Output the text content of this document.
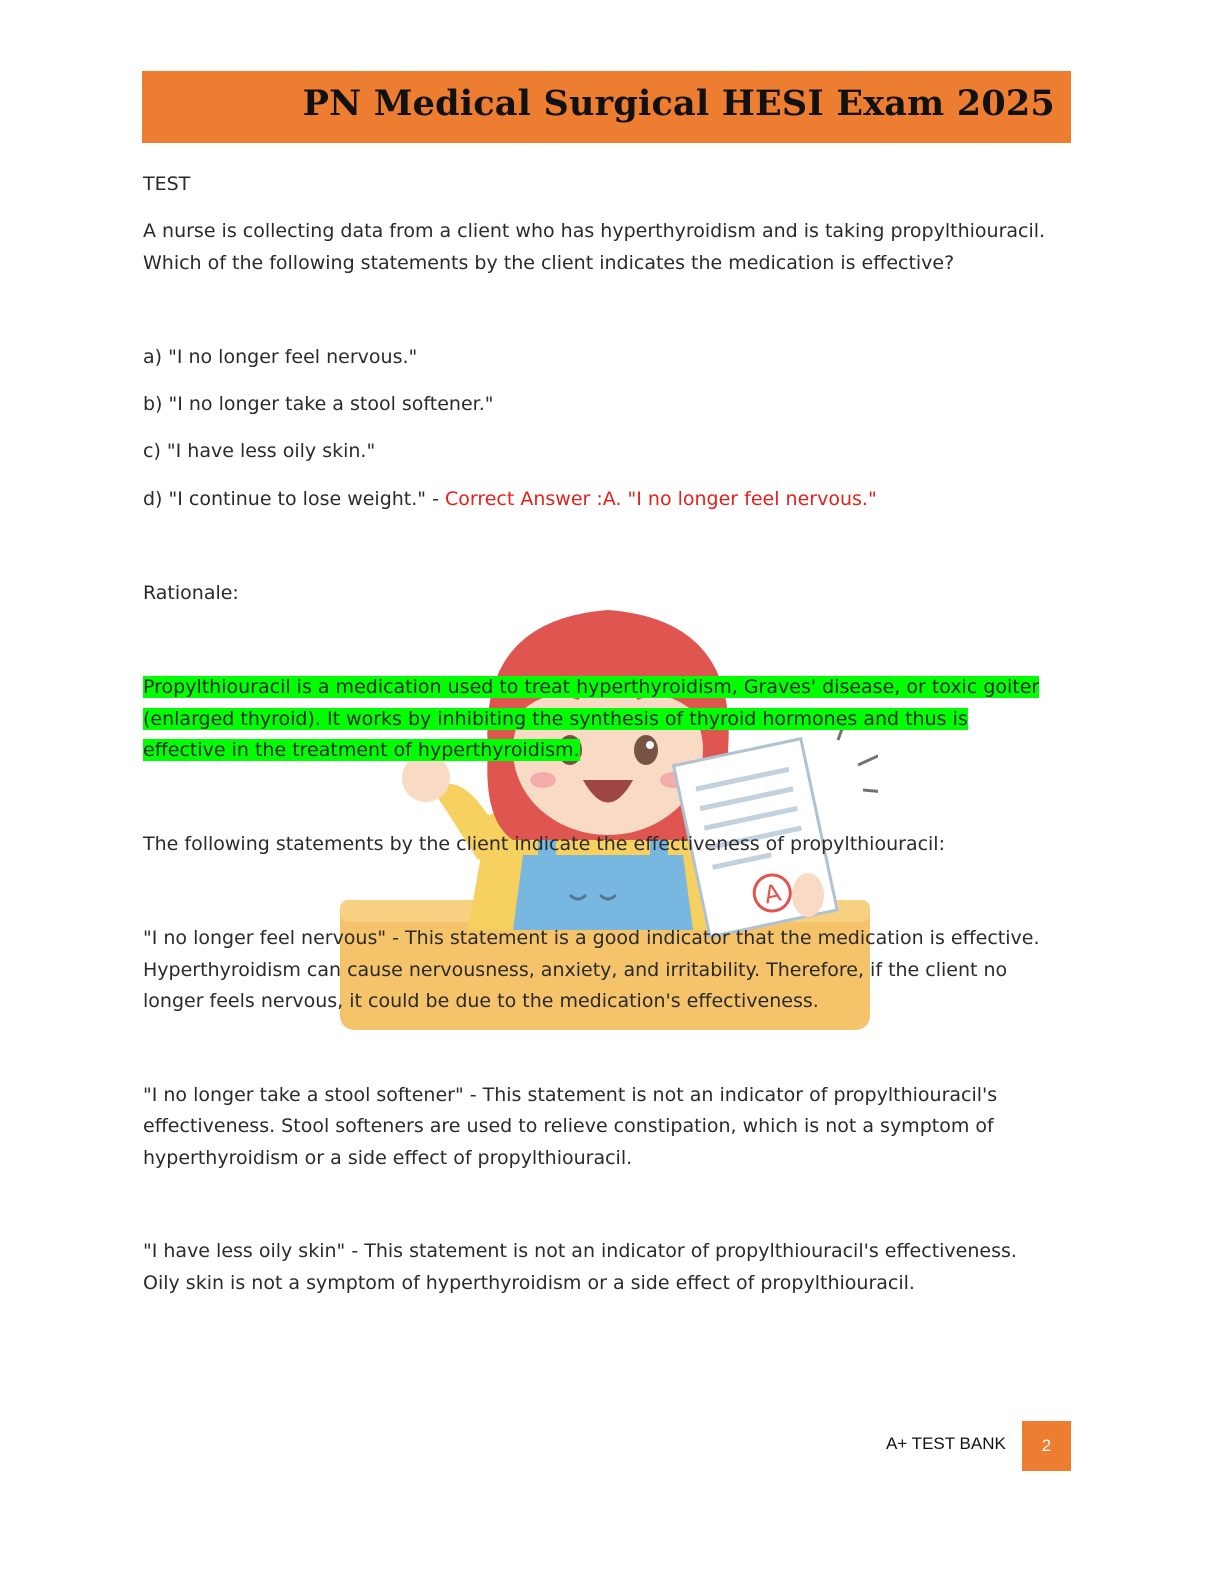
A
PN Medical Surgical HESI Exam 2025
TEST
A nurse is collecting data from a client who has hyperthyroidism and is taking propylthiouracil.
Which of the following statements by the client indicates the medication is effective?
a) "I no longer feel nervous."
b) "I no longer take a stool softener."
c) "I have less oily skin."
d) "I continue to lose weight." - Correct Answer :A. "I no longer feel nervous."
Rationale:
Propylthiouracil is a medication used to treat hyperthyroidism, Graves' disease, or toxic goiter
(enlarged thyroid). It works by inhibiting the synthesis of thyroid hormones and thus is
effective in the treatment of hyperthyroidism.
The following statements by the client indicate the effectiveness of propylthiouracil:
"I no longer feel nervous" - This statement is a good indicator that the medication is effective.
Hyperthyroidism can cause nervousness, anxiety, and irritability. Therefore, if the client no
longer feels nervous, it could be due to the medication's effectiveness.
"I no longer take a stool softener" - This statement is not an indicator of propylthiouracil's
effectiveness. Stool softeners are used to relieve constipation, which is not a symptom of
hyperthyroidism or a side effect of propylthiouracil.
"I have less oily skin" - This statement is not an indicator of propylthiouracil's effectiveness.
Oily skin is not a symptom of hyperthyroidism or a side effect of propylthiouracil.
A+ TEST BANK	2
